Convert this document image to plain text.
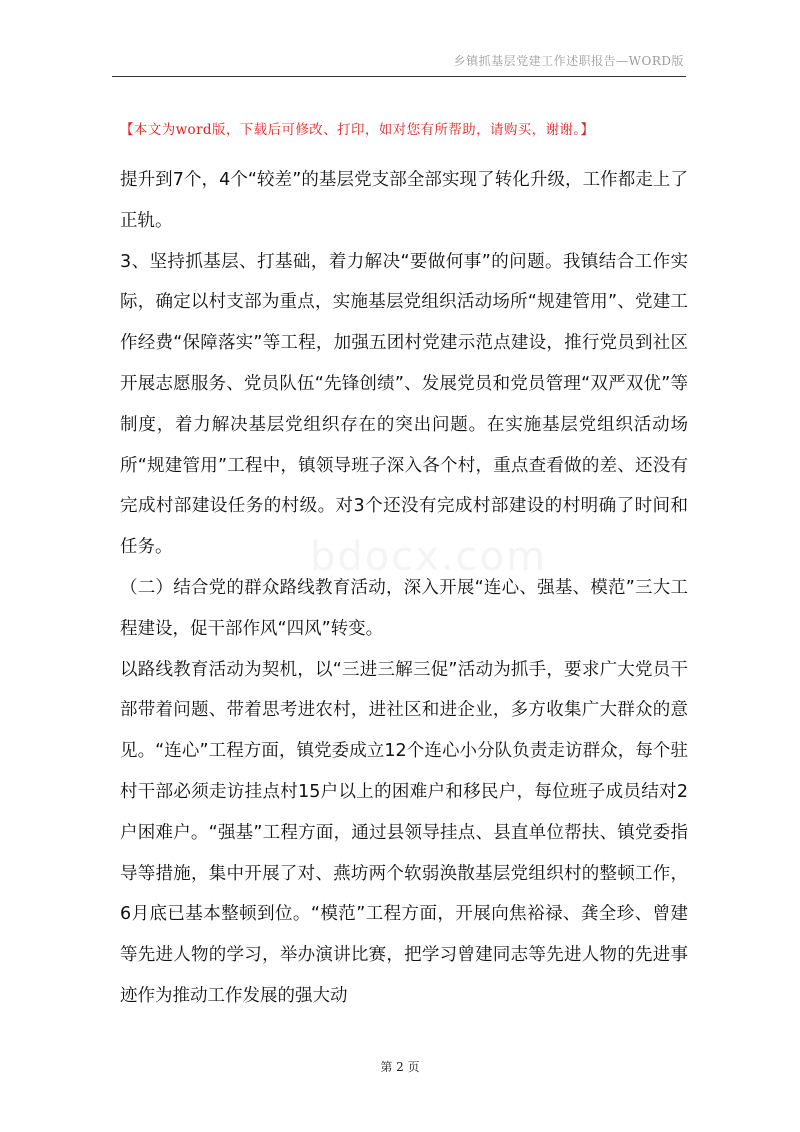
乡镇抓基层党建工作述职报告—WORD版
【本文为word版，下载后可修改、打印，如对您有所帮助，请购买，谢谢。】

提升到7个，4个“较差”的基层党支部全部实现了转化升级，工作都走上了正轨。

3、坚持抓基层、打基础，着力解决“要做何事”的问题。我镇结合工作实际，确定以村支部为重点，实施基层党组织活动场所“规建管用”、党建工作经费“保障落实”等工程，加强五团村党建示范点建设，推行党员到社区开展志愿服务、党员队伍“先锋创绩”、发展党员和党员管理“双严双优”等制度，着力解决基层党组织存在的突出问题。在实施基层党组织活动场所“规建管用”工程中，镇领导班子深入各个村，重点查看做的差、还没有完成村部建设任务的村级。对3个还没有完成村部建设的村明确了时间和任务。

（二）结合党的群众路线教育活动，深入开展“连心、强基、模范”三大工程建设，促干部作风“四风”转变。

以路线教育活动为契机，以“三进三解三促”活动为抓手，要求广大党员干部带着问题、带着思考进农村，进社区和进企业，多方收集广大群众的意见。“连心”工程方面，镇党委成立12个连心小分队负责走访群众，每个驻村干部必须走访挂点村15户以上的困难户和移民户，每位班子成员结对2户困难户。“强基”工程方面，通过县领导挂点、县直单位帮扶、镇党委指导等措施，集中开展了对、燕坊两个软弱涣散基层党组织村的整顿工作，6月底已基本整顿到位。“模范”工程方面，开展向焦裕禄、龚全珍、曾建等先进人物的学习，举办演讲比赛，把学习曾建同志等先进人物的先进事迹作为推动工作发展的强大动

bdocx.com
第 2 页
